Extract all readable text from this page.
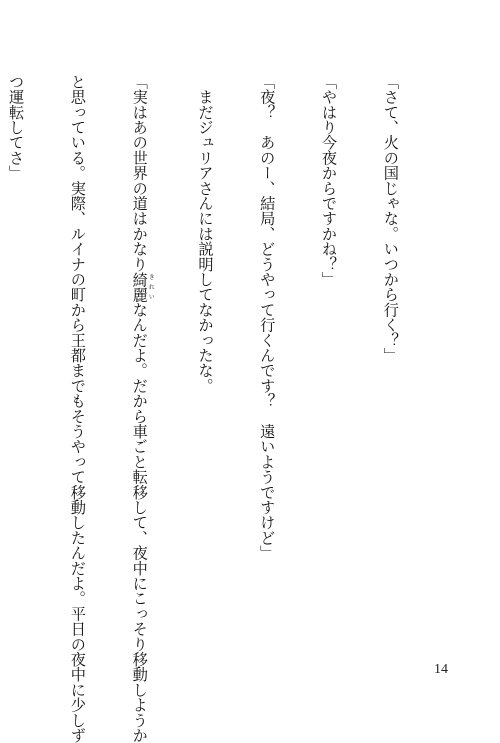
「さて、火の国じゃな。いつから行く？」

「やはり今夜からですかね？」

「夜？　あのー、結局、どうやって行くんです？　遠いようですけど」

　まだジュリアさんには説明してなかったな。

「実はあの世界の道はかなり綺麗きれいなんだよ。だから車ごと転移して、夜中にこっそり移動しようか

と思っている。実際、ルイナの町から王都までもそうやって移動したんだよ。平日の夜中に少しず

つ運転してさ」

14
